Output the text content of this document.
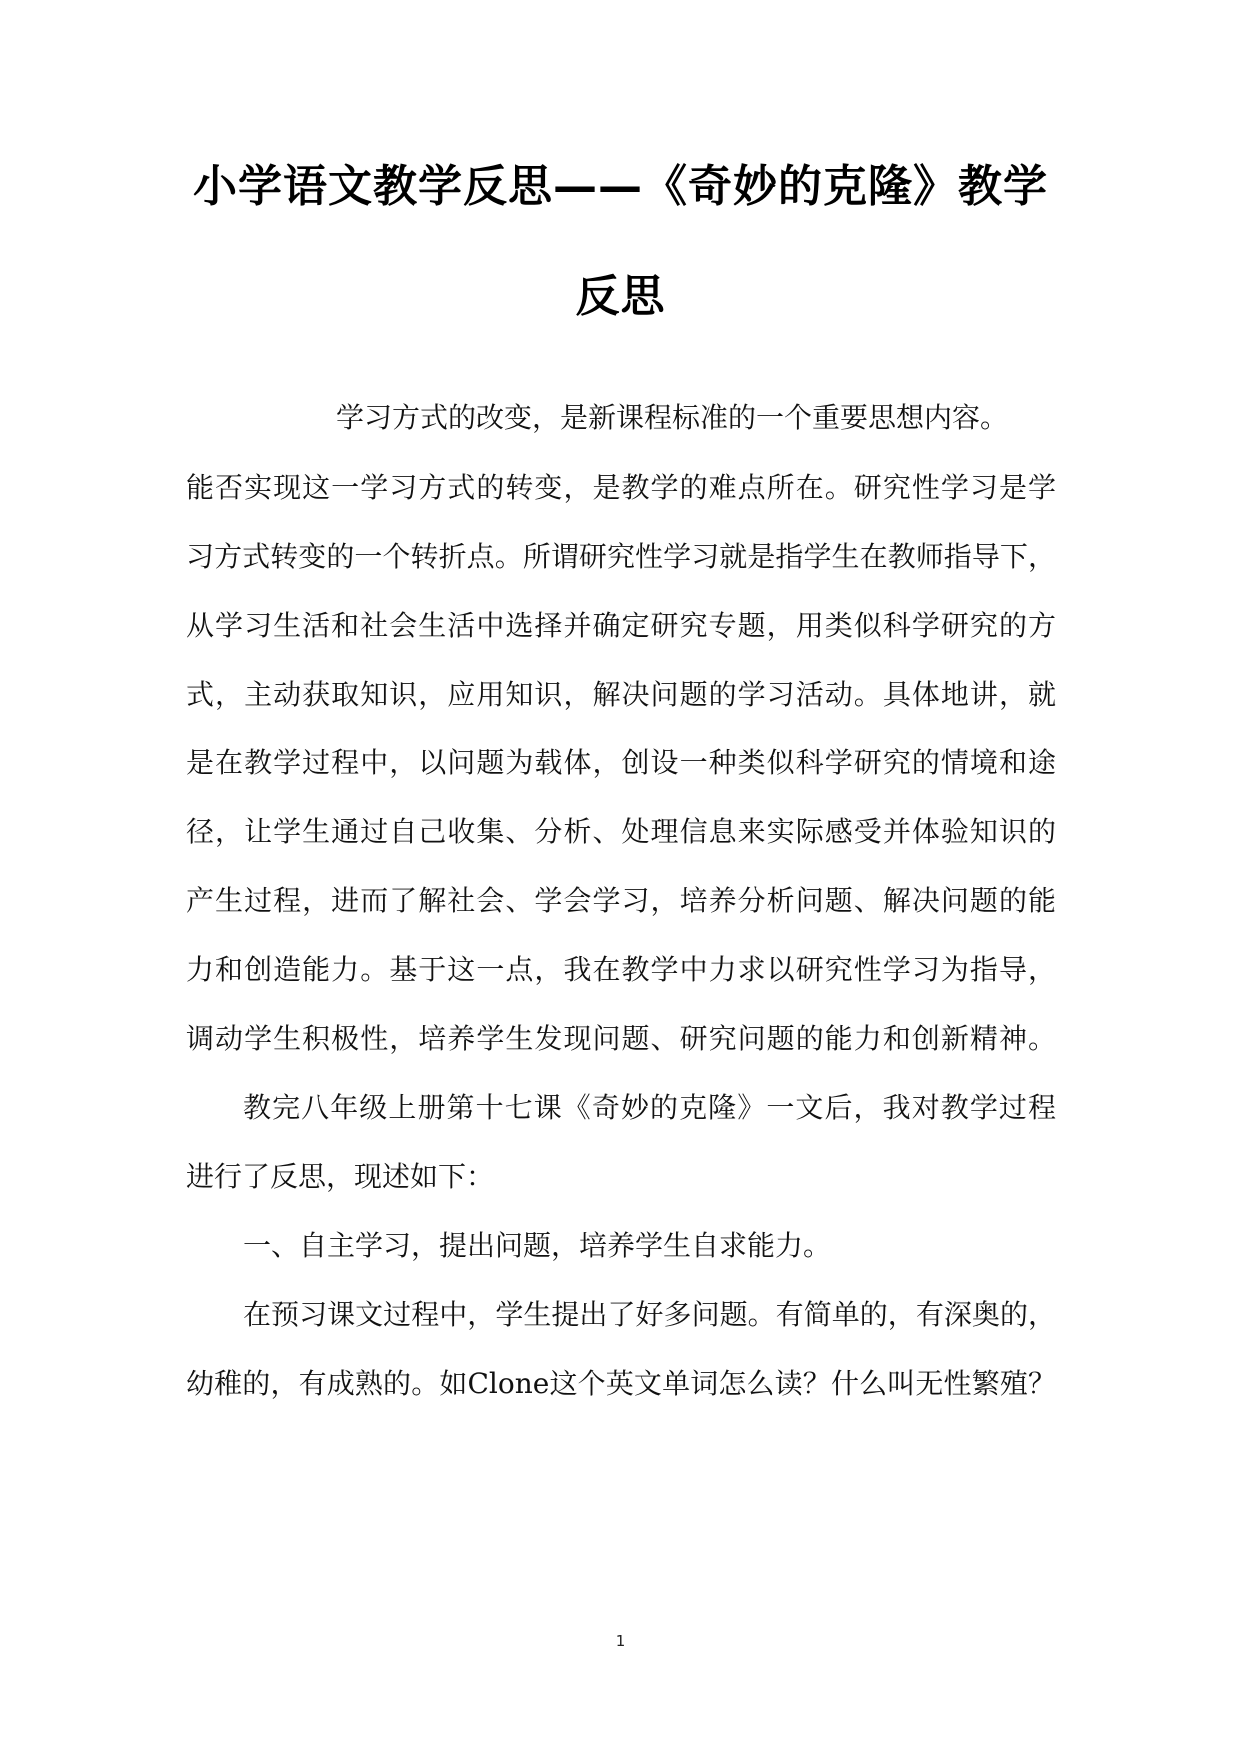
小学语文教学反思——《奇妙的克隆》教学
反思
学习方式的改变，是新课程标准的一个重要思想内容。
能否实现这一学习方式的转变，是教学的难点所在。研究性学习是学
习方式转变的一个转折点。所谓研究性学习就是指学生在教师指导下，
从学习生活和社会生活中选择并确定研究专题，用类似科学研究的方
式，主动获取知识，应用知识，解决问题的学习活动。具体地讲，就
是在教学过程中，以问题为载体，创设一种类似科学研究的情境和途
径，让学生通过自己收集、分析、处理信息来实际感受并体验知识的
产生过程，进而了解社会、学会学习，培养分析问题、解决问题的能
力和创造能力。基于这一点，我在教学中力求以研究性学习为指导，
调动学生积极性，培养学生发现问题、研究问题的能力和创新精神。
教完八年级上册第十七课《奇妙的克隆》一文后，我对教学过程
进行了反思，现述如下：
一、自主学习，提出问题，培养学生自求能力。
在预习课文过程中，学生提出了好多问题。有简单的，有深奥的，
幼稚的，有成熟的。如Clone这个英文单词怎么读？什么叫无性繁殖？
1
